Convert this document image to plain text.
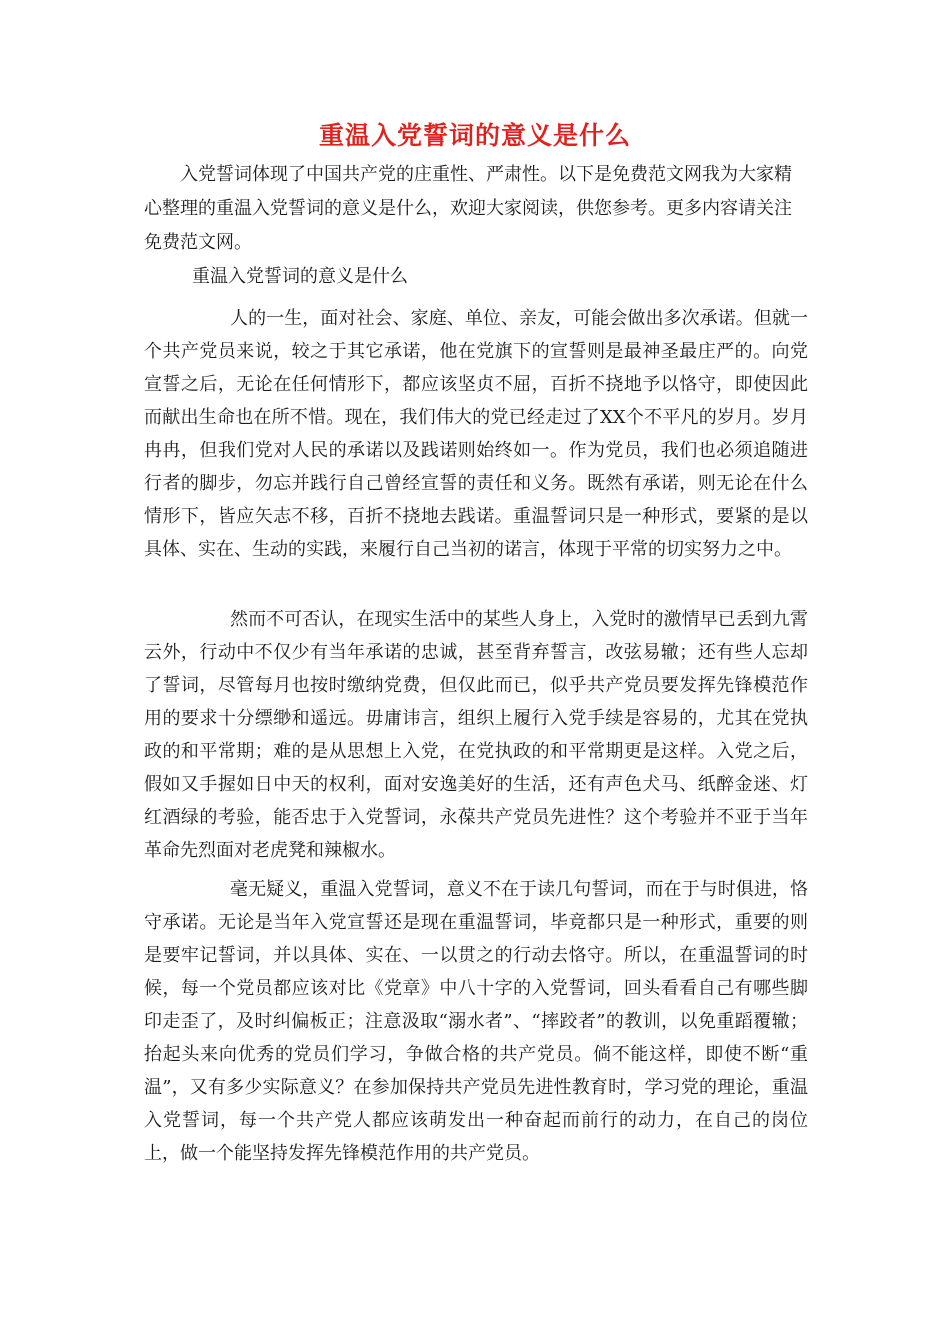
重温入党誓词的意义是什么

入党誓词体现了中国共产党的庄重性、严肃性。以下是免费范文网我为大家精心整理的重温入党誓词的意义是什么，欢迎大家阅读，供您参考。更多内容请关注免费范文网。

重温入党誓词的意义是什么

人的一生，面对社会、家庭、单位、亲友，可能会做出多次承诺。但就一个共产党员来说，较之于其它承诺，他在党旗下的宣誓则是最神圣最庄严的。向党宣誓之后，无论在任何情形下，都应该坚贞不屈，百折不挠地予以恪守，即使因此而献出生命也在所不惜。现在，我们伟大的党已经走过了XX个不平凡的岁月。岁月冉冉，但我们党对人民的承诺以及践诺则始终如一。作为党员，我们也必须追随进行者的脚步，勿忘并践行自己曾经宣誓的责任和义务。既然有承诺，则无论在什么情形下，皆应矢志不移，百折不挠地去践诺。重温誓词只是一种形式，要紧的是以具体、实在、生动的实践，来履行自己当初的诺言，体现于平常的切实努力之中。

然而不可否认，在现实生活中的某些人身上，入党时的激情早已丢到九霄云外，行动中不仅少有当年承诺的忠诚，甚至背弃誓言，改弦易辙；还有些人忘却了誓词，尽管每月也按时缴纳党费，但仅此而已，似乎共产党员要发挥先锋模范作用的要求十分缥缈和遥远。毋庸讳言，组织上履行入党手续是容易的，尤其在党执政的和平常期；难的是从思想上入党，在党执政的和平常期更是这样。入党之后，假如又手握如日中天的权利，面对安逸美好的生活，还有声色犬马、纸醉金迷、灯红酒绿的考验，能否忠于入党誓词，永葆共产党员先进性？这个考验并不亚于当年革命先烈面对老虎凳和辣椒水。

毫无疑义，重温入党誓词，意义不在于读几句誓词，而在于与时俱进，恪守承诺。无论是当年入党宣誓还是现在重温誓词，毕竟都只是一种形式，重要的则是要牢记誓词，并以具体、实在、一以贯之的行动去恪守。所以，在重温誓词的时候，每一个党员都应该对比《党章》中八十字的入党誓词，回头看看自己有哪些脚印走歪了，及时纠偏板正；注意汲取“溺水者”、“摔跤者”的教训，以免重蹈覆辙；抬起头来向优秀的党员们学习，争做合格的共产党员。倘不能这样，即使不断“重温”，又有多少实际意义？在参加保持共产党员先进性教育时，学习党的理论，重温入党誓词，每一个共产党人都应该萌发出一种奋起而前行的动力，在自己的岗位上，做一个能坚持发挥先锋模范作用的共产党员。
